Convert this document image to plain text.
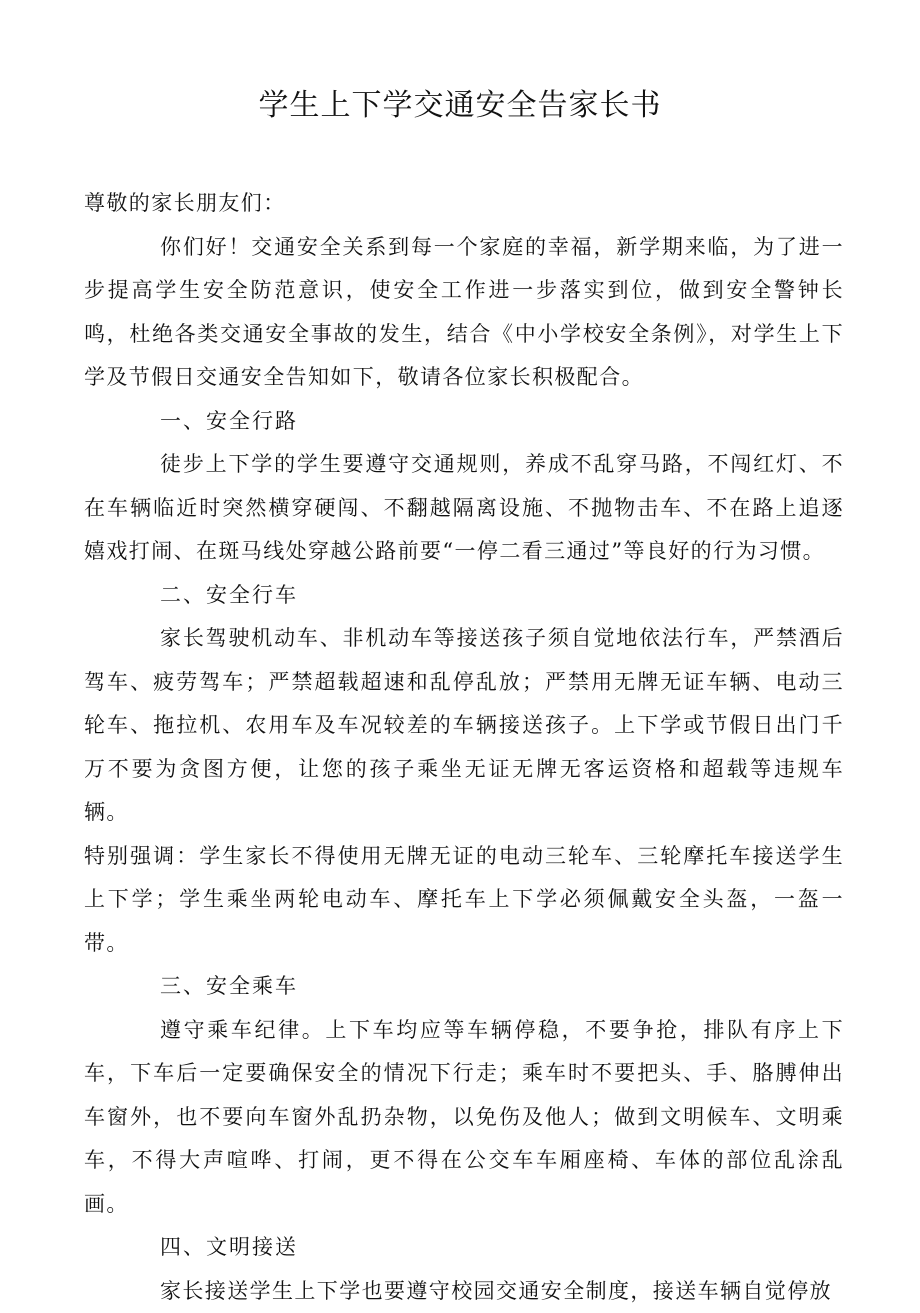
学生上下学交通安全告家长书

尊敬的家长朋友们：

你们好！交通安全关系到每一个家庭的幸福，新学期来临，为了进一步提高学生安全防范意识，使安全工作进一步落实到位，做到安全警钟长鸣，杜绝各类交通安全事故的发生，结合《中小学校安全条例》，对学生上下学及节假日交通安全告知如下，敬请各位家长积极配合。

一、安全行路

徒步上下学的学生要遵守交通规则，养成不乱穿马路，不闯红灯、不在车辆临近时突然横穿硬闯、不翻越隔离设施、不抛物击车、不在路上追逐嬉戏打闹、在斑马线处穿越公路前要“一停二看三通过”等良好的行为习惯。

二、安全行车

家长驾驶机动车、非机动车等接送孩子须自觉地依法行车，严禁酒后驾车、疲劳驾车；严禁超载超速和乱停乱放；严禁用无牌无证车辆、电动三轮车、拖拉机、农用车及车况较差的车辆接送孩子。上下学或节假日出门千万不要为贪图方便，让您的孩子乘坐无证无牌无客运资格和超载等违规车辆。

特别强调：学生家长不得使用无牌无证的电动三轮车、三轮摩托车接送学生上下学；学生乘坐两轮电动车、摩托车上下学必须佩戴安全头盔，一盔一带。

三、安全乘车

遵守乘车纪律。上下车均应等车辆停稳，不要争抢，排队有序上下车，下车后一定要确保安全的情况下行走；乘车时不要把头、手、胳膊伸出车窗外，也不要向车窗外乱扔杂物，以免伤及他人；做到文明候车、文明乘车，不得大声喧哗、打闹，更不得在公交车车厢座椅、车体的部位乱涂乱画。

四、文明接送

家长接送学生上下学也要遵守校园交通安全制度，接送车辆自觉停放
